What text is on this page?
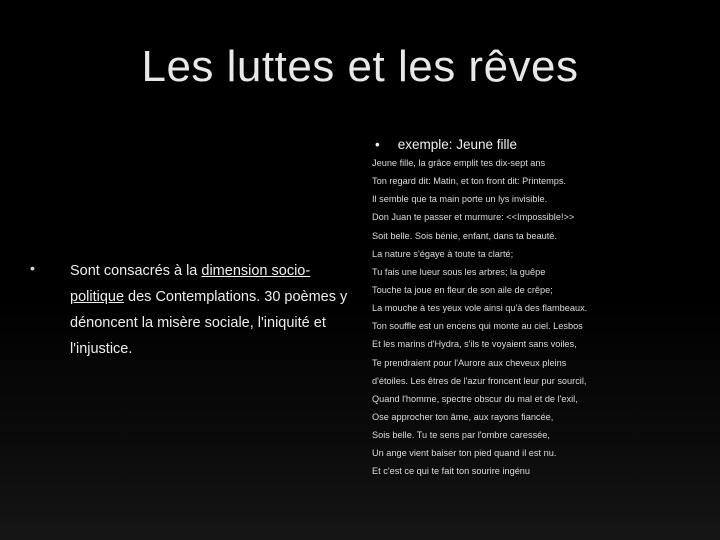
Les luttes et les rêves
• Sont consacrés à la dimension socio-politique des Contemplations. 30 poèmes y dénoncent la misère sociale, l'iniquité et l'injustice.

• exemple: Jeune fille
Jeune fille, la grâce emplit tes dix-sept ans
Ton regard dit: Matin, et ton front dit: Printemps.
Il semble que ta main porte un lys invisible.
Don Juan te passer et murmure: <<Impossible!>>
Soit belle. Sois bénie, enfant, dans ta beauté.
La nature s'égaye à toute ta clarté;
Tu fais une lueur sous les arbres; la guêpe
Touche ta joue en fleur de son aile de crêpe;
La mouche à tes yeux vole ainsi qu'à des flambeaux.
Ton souffle est un encens qui monte au ciel. Lesbos
Et les marins d'Hydra, s'ils te voyaient sans voiles,
Te prendraient pour l'Aurore aux cheveux pleins
d'étoiles. Les êtres de l'azur froncent leur pur sourcil,
Quand l'homme, spectre obscur du mal et de l'exil,
Ose approcher ton âme, aux rayons fiancée,
Sois belle. Tu te sens par l'ombre caressée,
Un ange vient baiser ton pied quand il est nu.
Et c'est ce qui te fait ton sourire ingénu
